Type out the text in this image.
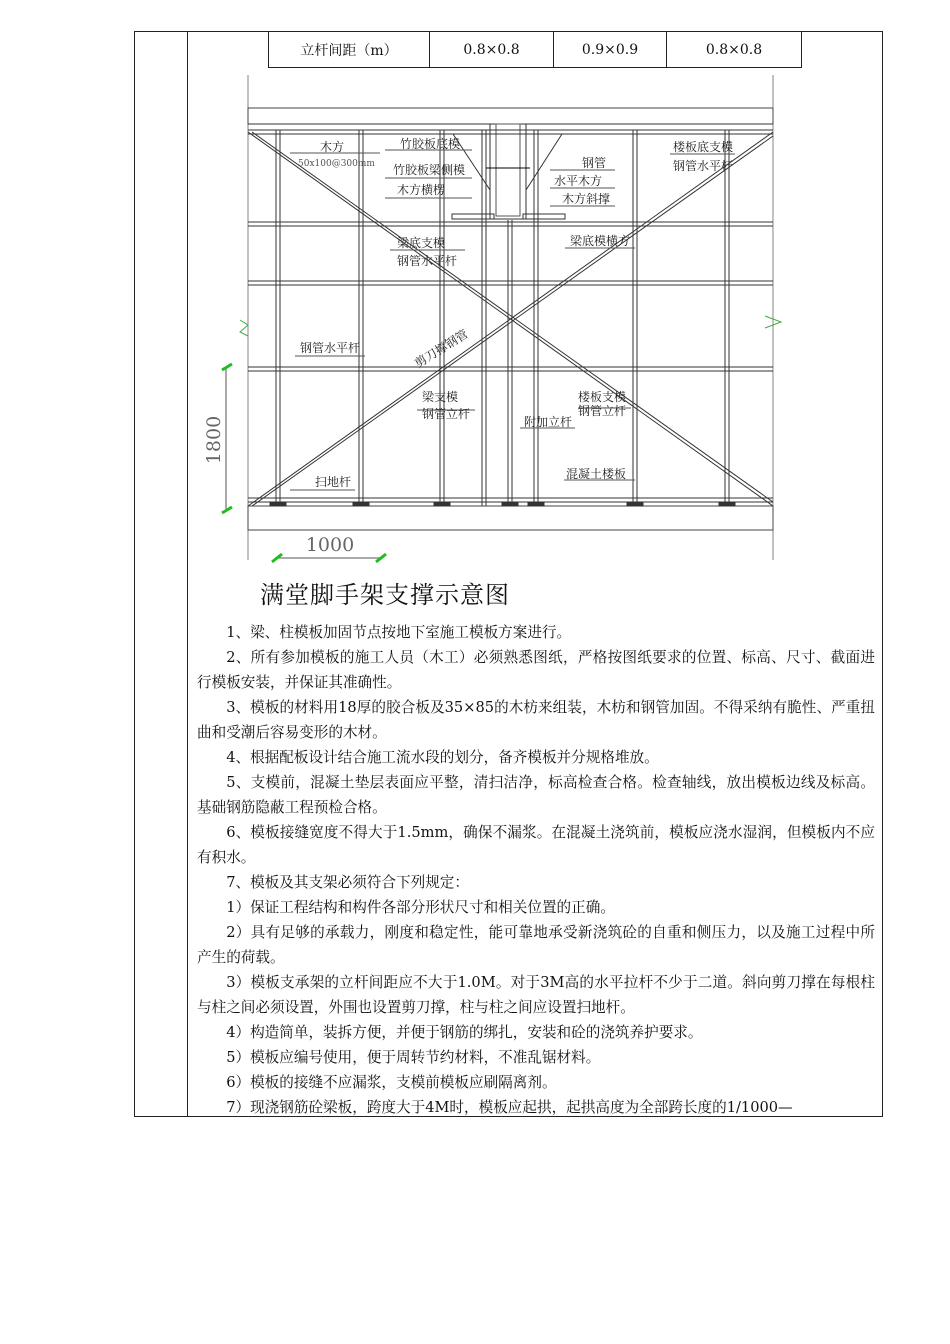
立杆间距（m）	0.8×0.8	0.9×0.9	0.8×0.8
木方
50x100@300mm
竹胶板底模
竹胶板梁侧模
木方横楞
钢管
水平木方
木方斜撑
楼板底支模
钢管水平杆
梁底支模
钢管水平杆
梁底模横方
钢管水平杆	剪刀撑钢管
梁支模
钢管立杆
附加立杆
楼板支模
钢管立杆
扫地杆
混凝土楼板
1800
1000
满堂脚手架支撑示意图

1、梁、柱模板加固节点按地下室施工模板方案进行。

2、所有参加模板的施工人员（木工）必须熟悉图纸，严格按图纸要求的位置、标高、尺寸、截面进行模板安装，并保证其准确性。

3、模板的材料用18厚的胶合板及35×85的木枋来组装，木枋和钢管加固。不得采纳有脆性、严重扭曲和受潮后容易变形的木材。

4、根据配板设计结合施工流水段的划分，备齐模板并分规格堆放。

5、支模前，混凝土垫层表面应平整，清扫洁净，标高检查合格。检查轴线，放出模板边线及标高。基础钢筋隐蔽工程预检合格。

6、模板接缝宽度不得大于1.5mm，确保不漏浆。在混凝土浇筑前，模板应浇水湿润，但模板内不应有积水。

7、模板及其支架必须符合下列规定：

1）保证工程结构和构件各部分形状尺寸和相关位置的正确。

2）具有足够的承载力，刚度和稳定性，能可靠地承受新浇筑砼的自重和侧压力，以及施工过程中所产生的荷载。

3）模板支承架的立杆间距应不大于1.0M。对于3M高的水平拉杆不少于二道。斜向剪刀撑在每根柱与柱之间必须设置，外围也设置剪刀撑，柱与柱之间应设置扫地杆。

4）构造简单，装拆方便，并便于钢筋的绑扎，安装和砼的浇筑养护要求。

5）模板应编号使用，便于周转节约材料，不准乱锯材料。

6）模板的接缝不应漏浆，支模前模板应刷隔离剂。

7）现浇钢筋砼梁板，跨度大于4M时，模板应起拱，起拱高度为全部跨长度的1/1000—
